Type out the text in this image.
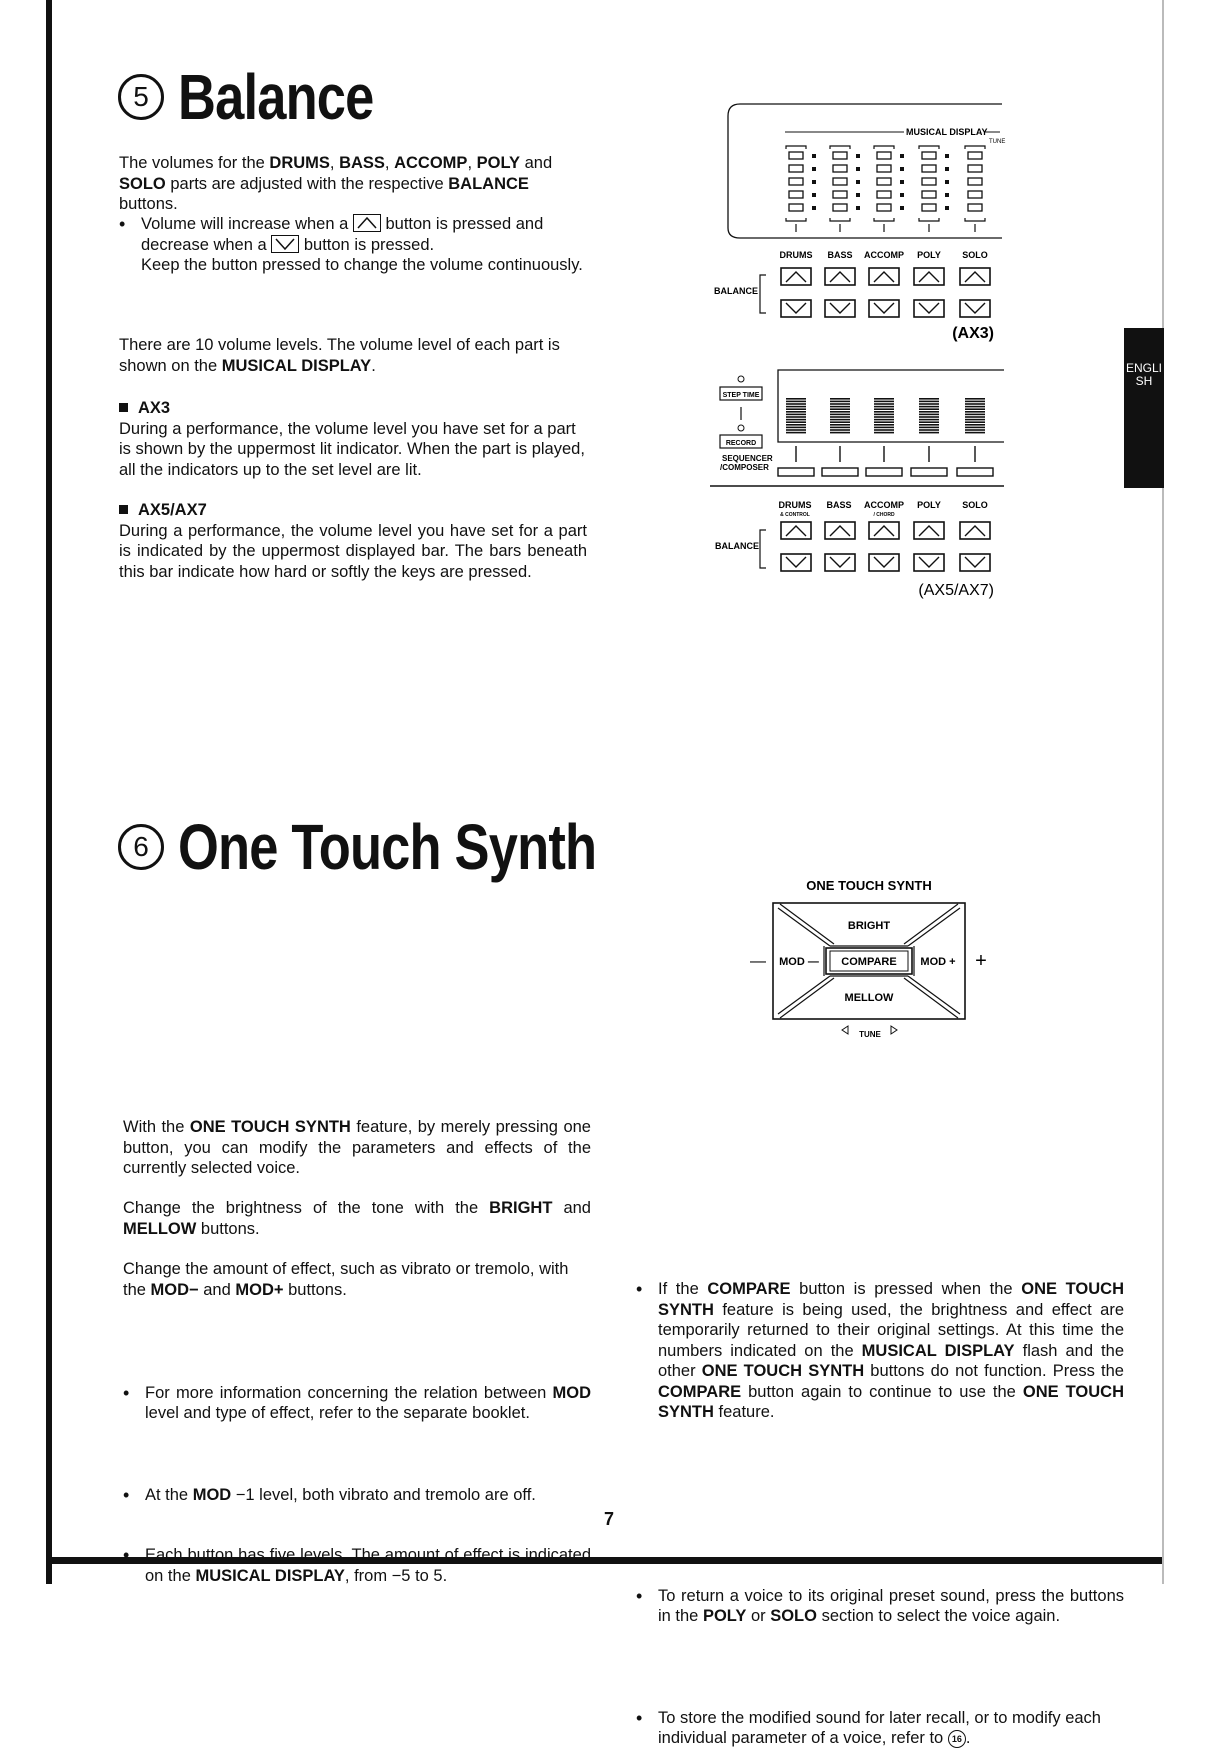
ENGLISH
5 Balance
The volumes for the DRUMS, BASS, ACCOMP, POLY and SOLO parts are adjusted with the respective BALANCE buttons.
• Volume will increase when a button is pressed and decrease when a button is pressed.

Keep the button pressed to change the volume continuously.
There are 10 volume levels. The volume level of each part is shown on the MUSICAL DISPLAY.
AX3
During a performance, the volume level you have set for a part is shown by the uppermost lit indicator. When the part is played, all the indicators up to the set level are lit.
AX5/AX7
During a performance, the volume level you have set for a part is indicated by the uppermost displayed bar. The bars beneath this bar indicate how hard or softly the keys are pressed.
MUSICAL DISPLAY
TUNE
DRUMS BASS ACCOMP POLY SOLO
BALANCE
(AX3)
STEP TIME
RECORD
SEQUENCER
/COMPOSER
DRUMS
& CONTROL
BASS ACCOMP
/ CHORD
POLY SOLO
BALANCE
(AX5/AX7)
6 One Touch Synth
ONE TOUCH SYNTH
BRIGHT
COMPARE
MELLOW
MOD —	MOD +
—	+
TUNE
With the ONE TOUCH SYNTH feature, by merely pressing one button, you can modify the parameters and effects of the currently selected voice.
Change the brightness of the tone with the BRIGHT and MELLOW buttons.
Change the amount of effect, such as vibrato or tremolo, with the MOD− and MOD+ buttons.
• For more information concerning the relation between MOD level and type of effect, refer to the separate booklet.
• At the MOD −1 level, both vibrato and tremolo are off.
• Each button has five levels. The amount of effect is indicated on the MUSICAL DISPLAY, from −5 to 5.
• If the COMPARE button is pressed when the ONE TOUCH SYNTH feature is being used, the brightness and effect are temporarily returned to their original settings. At this time the numbers indicated on the MUSICAL DISPLAY flash and the other ONE TOUCH SYNTH buttons do not function. Press the COMPARE button again to continue to use the ONE TOUCH SYNTH feature.
• To return a voice to its original preset sound, press the buttons in the POLY or SOLO section to select the voice again.
• To store the modified sound for later recall, or to modify each individual parameter of a voice, refer to 16 .
7
